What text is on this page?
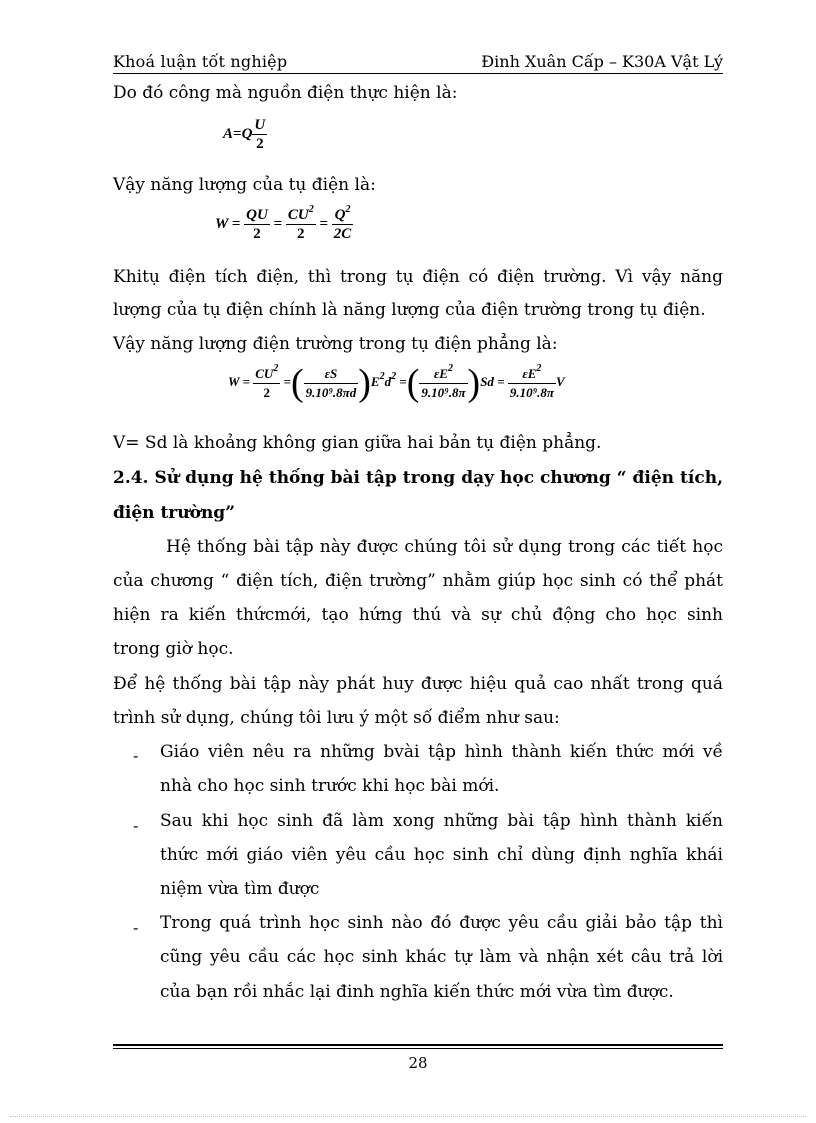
Khoá luận tốt nghiệp	Đinh Xuân Cấp – K30A Vật Lý
Do đó công mà nguồn điện thực hiện là:
$A=Q \frac{U}{2}$
Vậy năng lượng của tụ điện là:
$W = \frac{QU}{2} = \frac{CU^2}{2} = \frac{Q^2}{2C}$
Khitụ điện tích điện, thì trong tụ điện có điện trường. Vì vậy năng
lượng của tụ điện chính là năng lượng của điện trường trong tụ điện.
Vậy năng lượng điện trường trong tụ điện phẳng là:
$W = \frac{CU^2}{2}$ =( $\frac{\varepsilon S}{\text{9.10⁹.8πd}} )E^2d^2$ =( $\frac{\varepsilon E^2}{\text{9.10⁹.8π}} )Sd = \frac{\varepsilon E^2}{\text{9.10⁹.8π}}$ V
V= Sd là khoảng không gian giữa hai bản tụ điện phẳng.
2.4. Sử dụng hệ thống bài tập trong dạy học chương “ điện tích,
điện trường”
Hệ thống bài tập này được chúng tôi sử dụng trong các tiết học
của chương “ điện tích, điện trường” nhằm giúp học sinh có thể phát
hiện ra kiến thứcmới, tạo hứng thú và sự chủ động cho học sinh
trong giờ học.
Để hệ thống bài tập này phát huy được hiệu quả cao nhất trong quá
trình sử dụng, chúng tôi lưu ý một số điểm như sau:
- Giáo viên nêu ra những bvài tập hình thành kiến thức mới về
nhà cho học sinh trước khi học bài mới.
- Sau khi học sinh đã làm xong những bài tập hình thành kiến
thức mới giáo viên yêu cầu học sinh chỉ dùng định nghĩa khái
niệm vừa tìm được
- Trong quá trình học sinh nào đó được yêu cầu giải bảo tập thì
cũng yêu cầu các học sinh khác tự làm và nhận xét câu trả lời
của bạn rồi nhắc lại đinh nghĩa kiến thức mới vừa tìm được.
28
